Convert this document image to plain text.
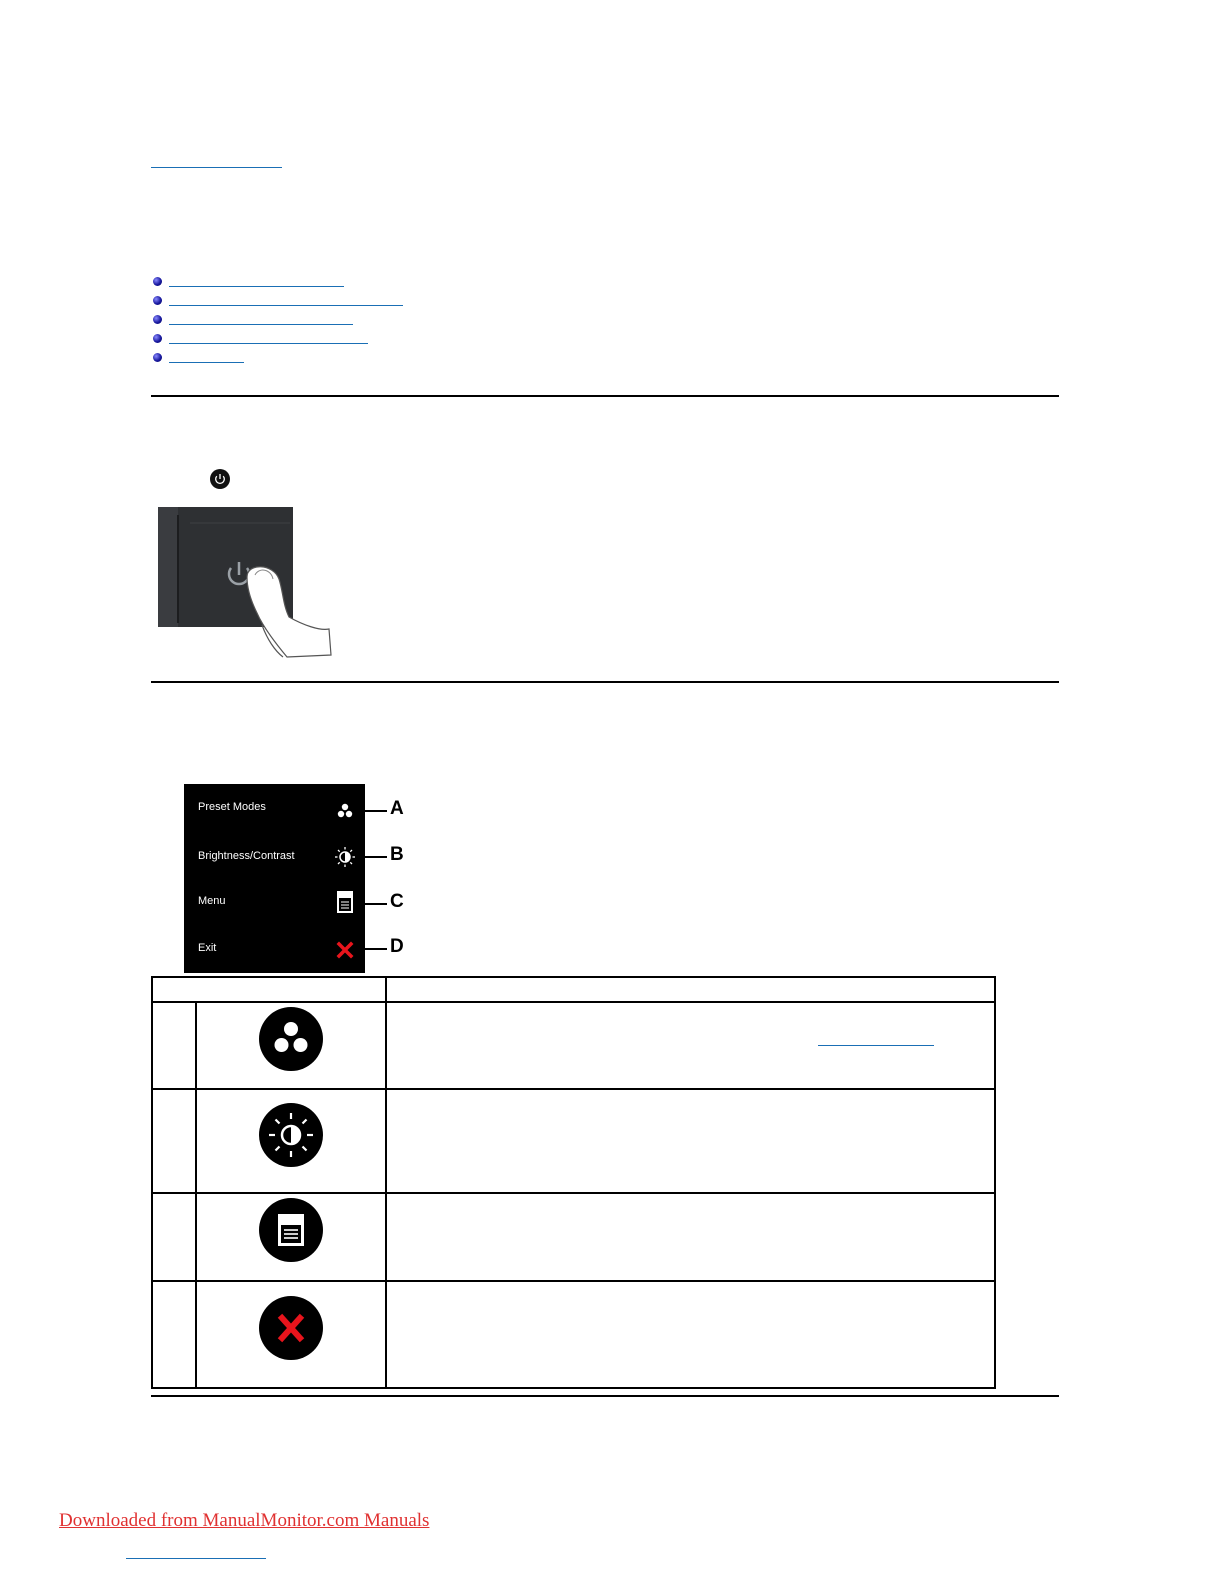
Preset Modes
Brightness/Contrast
Menu
Exit
A
B
C
D
Downloaded from ManualMonitor.com Manuals
